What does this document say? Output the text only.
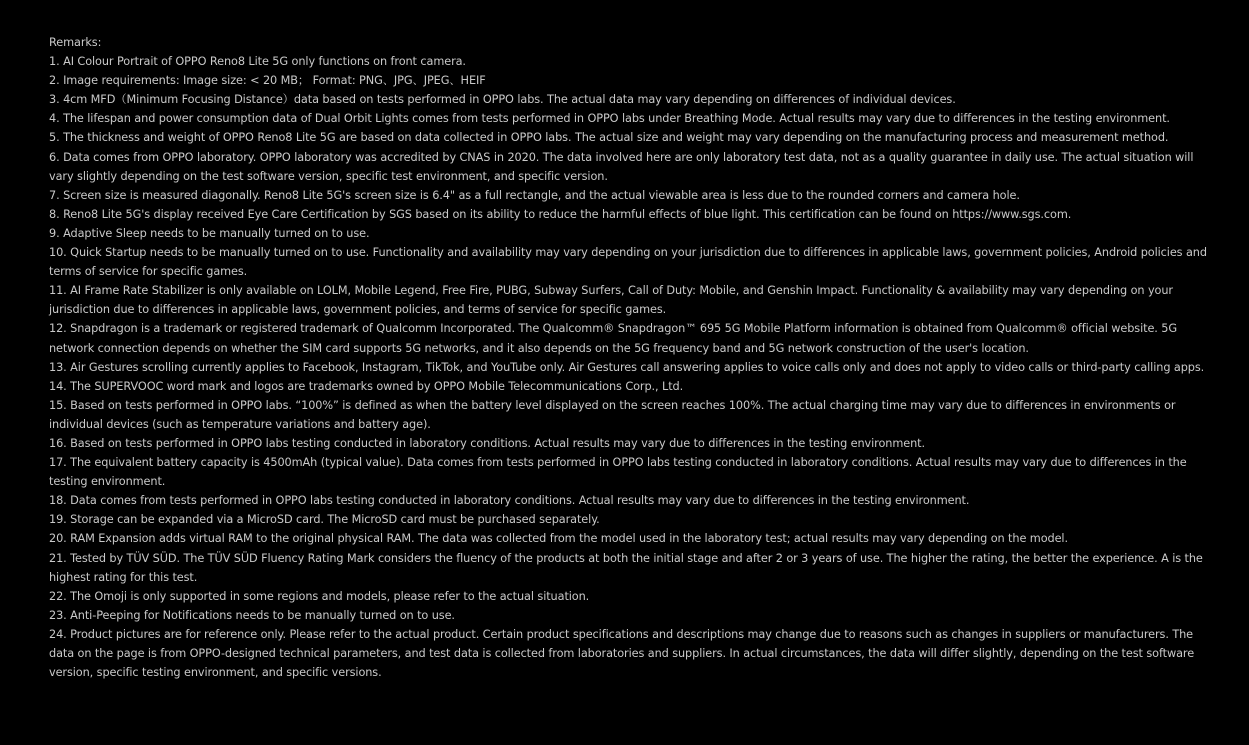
Remarks:

1. AI Colour Portrait of OPPO Reno8 Lite 5G only functions on front camera.
2. Image requirements: Image size: < 20 MB； Format: PNG、JPG、JPEG、HEIF
3. 4cm MFD（Minimum Focusing Distance）data based on tests performed in OPPO labs. The actual data may vary depending on differences of individual devices.
4. The lifespan and power consumption data of Dual Orbit Lights comes from tests performed in OPPO labs under Breathing Mode. Actual results may vary due to differences in the testing environment.
5. The thickness and weight of OPPO Reno8 Lite 5G are based on data collected in OPPO labs. The actual size and weight may vary depending on the manufacturing process and measurement method.
6. Data comes from OPPO laboratory. OPPO laboratory was accredited by CNAS in 2020. The data involved here are only laboratory test data, not as a quality guarantee in daily use. The actual situation will vary slightly depending on the test software version, specific test environment, and specific version.
7. Screen size is measured diagonally. Reno8 Lite 5G's screen size is 6.4" as a full rectangle, and the actual viewable area is less due to the rounded corners and camera hole.
8. Reno8 Lite 5G's display received Eye Care Certification by SGS based on its ability to reduce the harmful effects of blue light. This certification can be found on https://www.sgs.com.
9. Adaptive Sleep needs to be manually turned on to use.
10. Quick Startup needs to be manually turned on to use. Functionality and availability may vary depending on your jurisdiction due to differences in applicable laws, government policies, Android policies and terms of service for specific games.
11. AI Frame Rate Stabilizer is only available on LOLM, Mobile Legend, Free Fire, PUBG, Subway Surfers, Call of Duty: Mobile, and Genshin Impact. Functionality & availability may vary depending on your jurisdiction due to differences in applicable laws, government policies, and terms of service for specific games.
12. Snapdragon is a trademark or registered trademark of Qualcomm Incorporated. The Qualcomm® Snapdragon™ 695 5G Mobile Platform information is obtained from Qualcomm® official website. 5G network connection depends on whether the SIM card supports 5G networks, and it also depends on the 5G frequency band and 5G network construction of the user's location.
13. Air Gestures scrolling currently applies to Facebook, Instagram, TikTok, and YouTube only. Air Gestures call answering applies to voice calls only and does not apply to video calls or third-party calling apps.
14. The SUPERVOOC word mark and logos are trademarks owned by OPPO Mobile Telecommunications Corp., Ltd.
15. Based on tests performed in OPPO labs. “100%” is defined as when the battery level displayed on the screen reaches 100%. The actual charging time may vary due to differences in environments or individual devices (such as temperature variations and battery age).
16. Based on tests performed in OPPO labs testing conducted in laboratory conditions. Actual results may vary due to differences in the testing environment.
17. The equivalent battery capacity is 4500mAh (typical value). Data comes from tests performed in OPPO labs testing conducted in laboratory conditions. Actual results may vary due to differences in the testing environment.
18. Data comes from tests performed in OPPO labs testing conducted in laboratory conditions. Actual results may vary due to differences in the testing environment.
19. Storage can be expanded via a MicroSD card. The MicroSD card must be purchased separately.
20. RAM Expansion adds virtual RAM to the original physical RAM. The data was collected from the model used in the laboratory test; actual results may vary depending on the model.
21. Tested by TÜV SÜD. The TÜV SÜD Fluency Rating Mark considers the fluency of the products at both the initial stage and after 2 or 3 years of use. The higher the rating, the better the experience. A is the highest rating for this test.
22. The Omoji is only supported in some regions and models, please refer to the actual situation.
23. Anti-Peeping for Notifications needs to be manually turned on to use.
24. Product pictures are for reference only. Please refer to the actual product. Certain product specifications and descriptions may change due to reasons such as changes in suppliers or manufacturers. The data on the page is from OPPO-designed technical parameters, and test data is collected from laboratories and suppliers. In actual circumstances, the data will differ slightly, depending on the test software version, specific testing environment, and specific versions.
